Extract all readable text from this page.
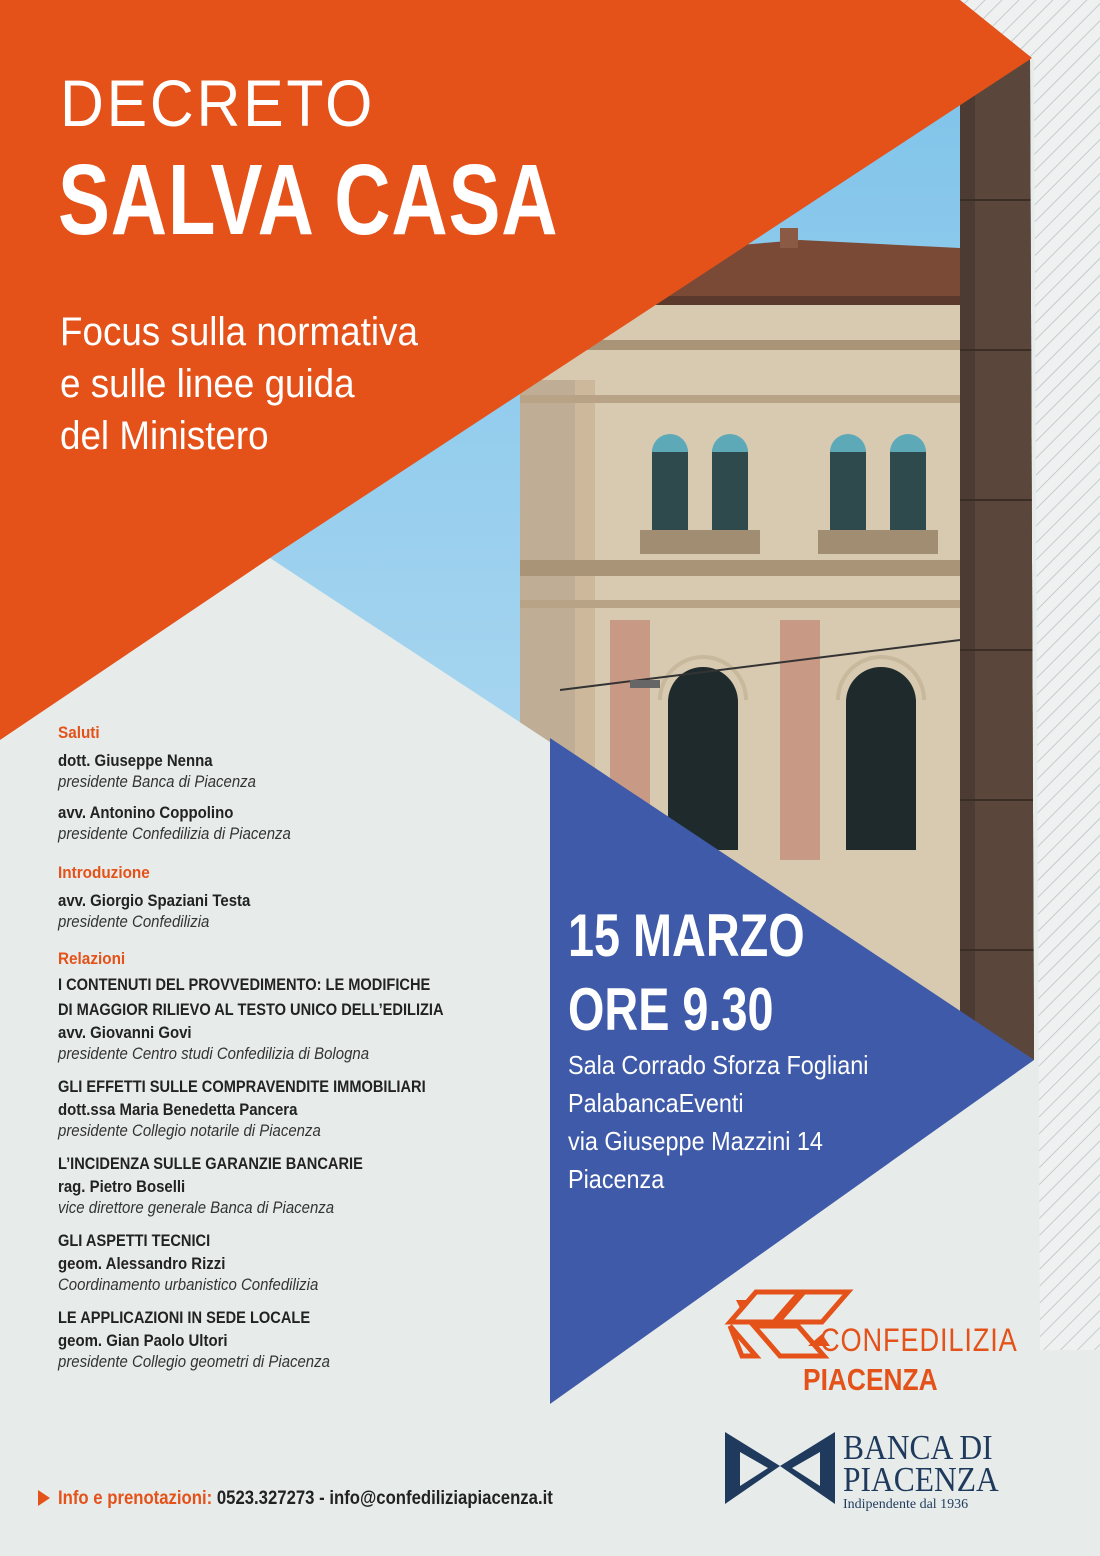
DECRETO
SALVA CASA
Focus sulla normativa
e sulle linee guida
del Ministero
Saluti
dott. Giuseppe Nenna
presidente Banca di Piacenza
avv. Antonino Coppolino
presidente Confedilizia di Piacenza
Introduzione
avv. Giorgio Spaziani Testa
presidente Confedilizia
Relazioni
I CONTENUTI DEL PROVVEDIMENTO: LE MODIFICHE
DI MAGGIOR RILIEVO AL TESTO UNICO DELL’EDILIZIA
avv. Giovanni Govi
presidente Centro studi Confedilizia di Bologna
GLI EFFETTI SULLE COMPRAVENDITE IMMOBILIARI
dott.ssa Maria Benedetta Pancera
presidente Collegio notarile di Piacenza
L’INCIDENZA SULLE GARANZIE BANCARIE
rag. Pietro Boselli
vice direttore generale Banca di Piacenza
GLI ASPETTI TECNICI
geom. Alessandro Rizzi
Coordinamento urbanistico Confedilizia
LE APPLICAZIONI IN SEDE LOCALE
geom. Gian Paolo Ultori
presidente Collegio geometri di Piacenza
15 MARZO
ORE 9.30
Sala Corrado Sforza Fogliani
PalabancaEventi
via Giuseppe Mazzini 14
Piacenza
CONFEDILIZIA
PIACENZA
BANCA DI
PIACENZA
Indipendente dal 1936
Info e prenotazioni: 0523.327273 - info@confediliziapiacenza.it
